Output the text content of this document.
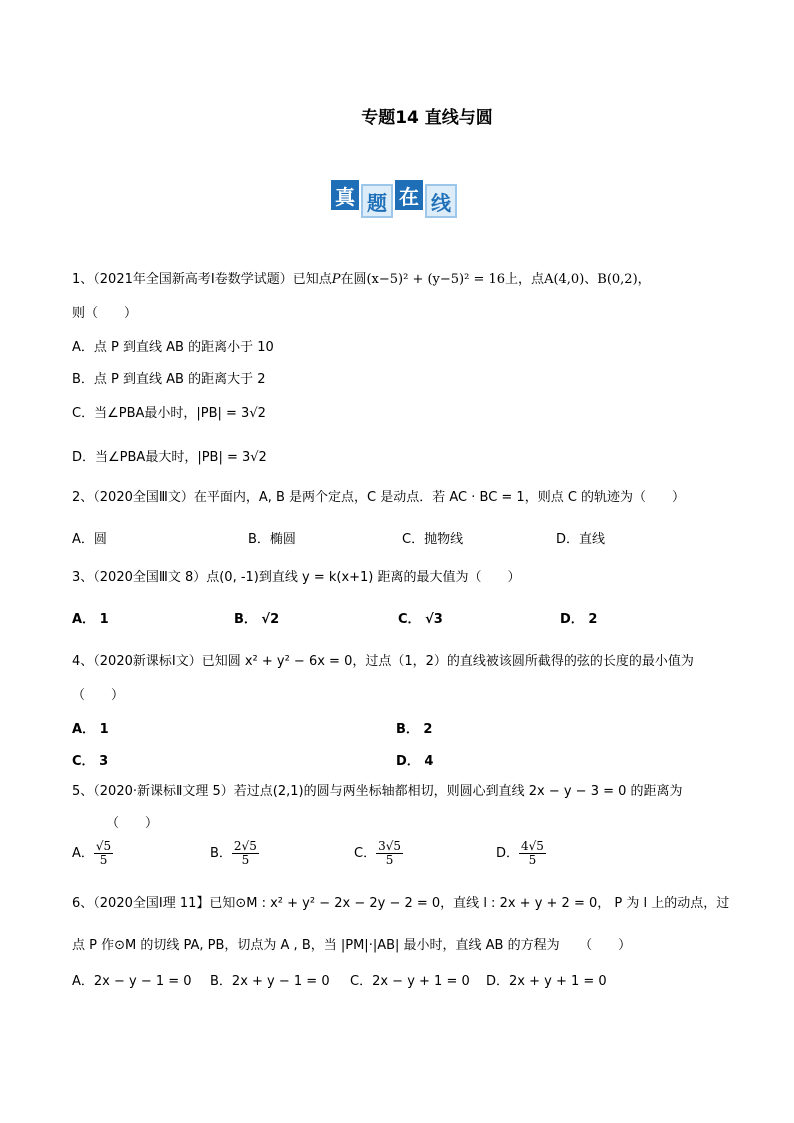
专题14 直线与圆
真 题 在 线
1、（2021年全国新高考Ⅰ卷数学试题）已知点P在圆(x−5)² + (y−5)² = 16上，点A(4,0)、B(0,2)，
则（　　）
A．点 P 到直线 AB 的距离小于 10
B．点 P 到直线 AB 的距离大于 2
C．当∠PBA最小时，|PB| = 3√2
D．当∠PBA最大时，|PB| = 3√2
2、（2020全国Ⅲ文）在平面内，A, B 是两个定点，C 是动点．若 AC · BC = 1，则点 C 的轨迹为（　　）
A．圆	B．椭圆	C．抛物线	D．直线
3、（2020全国Ⅲ文 8）点(0, -1)到直线 y = k(x+1) 距离的最大值为（　　）
A． 1	B． √2	C． √3	D． 2
4、（2020新课标Ⅰ文）已知圆 x² + y² − 6x = 0，过点（1，2）的直线被该圆所截得的弦的长度的最小值为
（　　）
A． 1	B． 2
C． 3	D． 4
5、（2020·新课标Ⅱ文理 5）若过点(2,1)的圆与两坐标轴都相切，则圆心到直线 2x − y − 3 = 0 的距离为
（　　）
A． $\frac{√5}{5}$	B． $\frac{2√5}{5}$	C． $\frac{3√5}{5}$	D． $\frac{4√5}{5}$
6、（2020全国Ⅰ理 11】已知⊙M : x² + y² − 2x − 2y − 2 = 0，直线 l : 2x + y + 2 = 0， P 为 l 上的动点，过
点 P 作⊙M 的切线 PA, PB，切点为 A , B，当 |PM|·|AB| 最小时，直线 AB 的方程为　　（　　）
A．2x − y − 1 = 0 B．2x + y − 1 = 0 C．2x − y + 1 = 0 D．2x + y + 1 = 0
